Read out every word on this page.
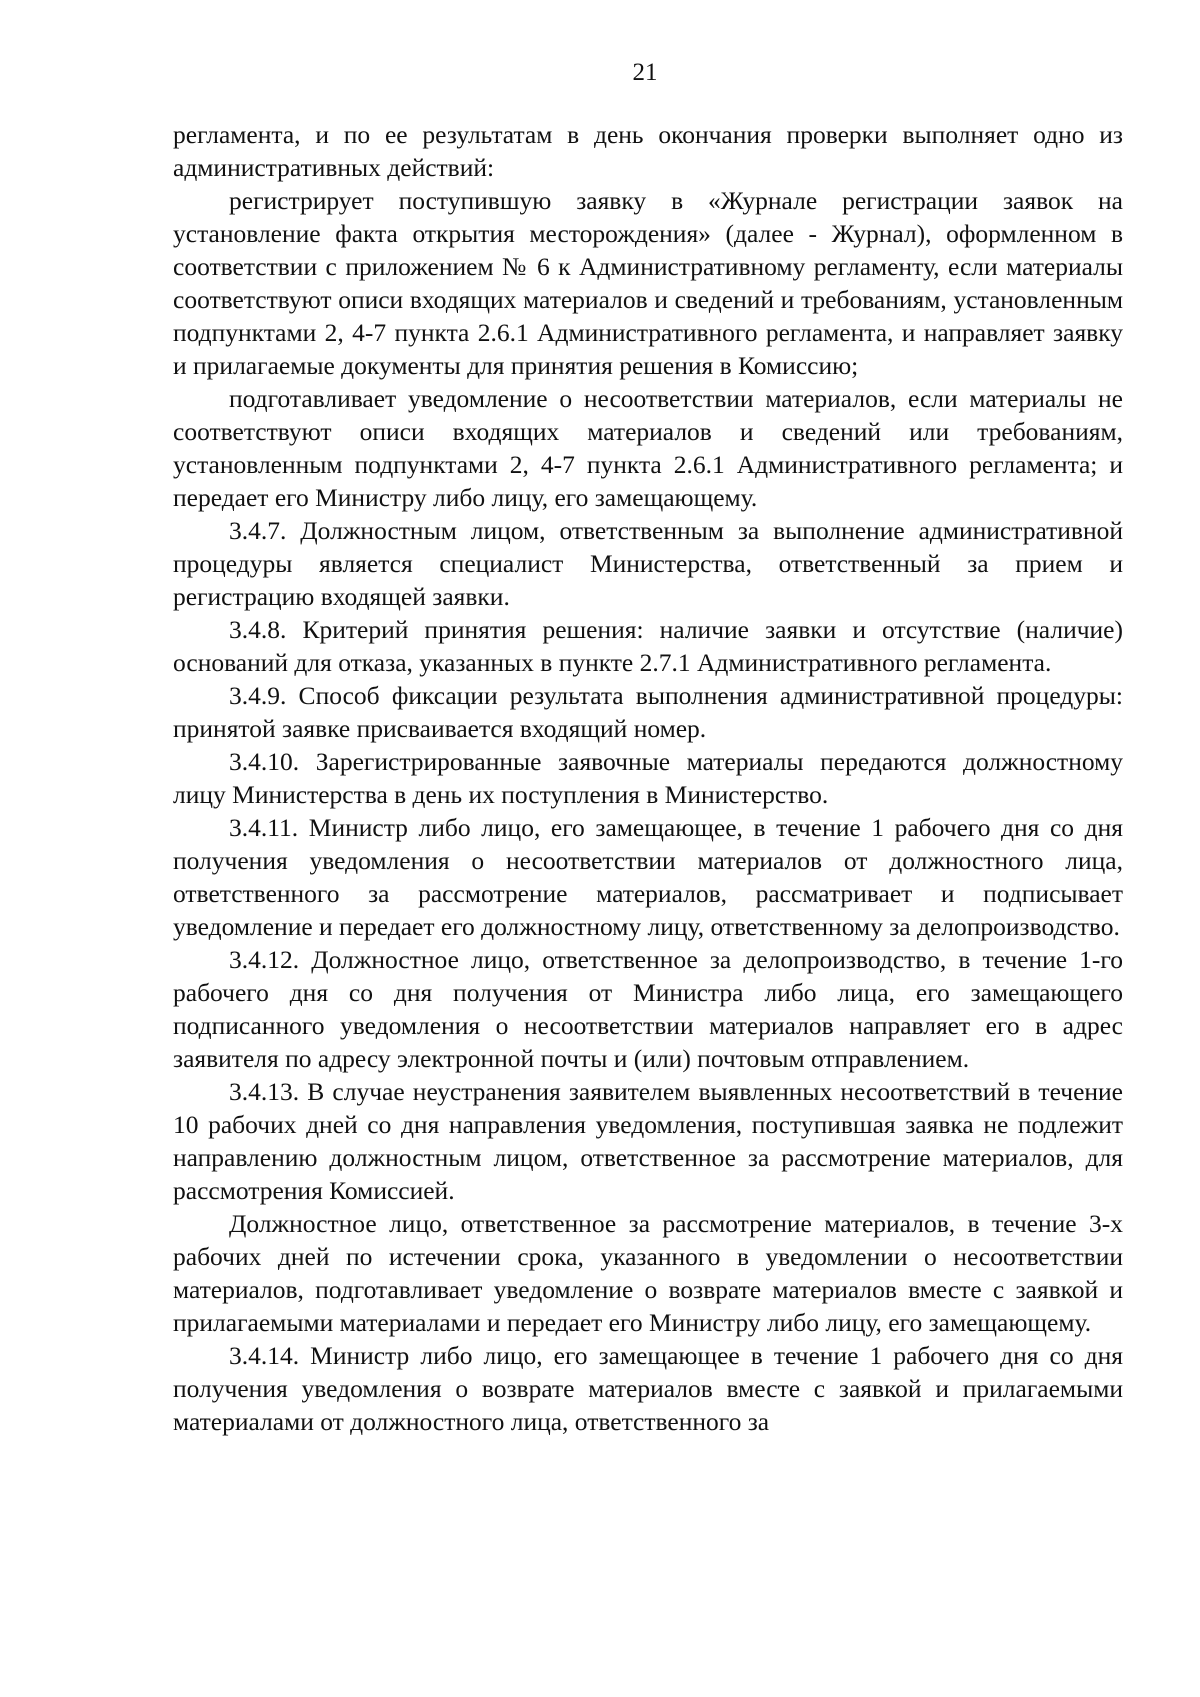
21

регламента, и по ее результатам в день окончания проверки выполняет одно из административных действий:

регистрирует поступившую заявку в «Журнале регистрации заявок на установление факта открытия месторождения» (далее - Журнал), оформленном в соответствии с приложением № 6 к Административному регламенту, если материалы соответствуют описи входящих материалов и сведений и требованиям, установленным подпунктами 2, 4-7 пункта 2.6.1 Административного регламента, и направляет заявку и прилагаемые документы для принятия решения в Комиссию;

подготавливает уведомление о несоответствии материалов, если материалы не соответствуют описи входящих материалов и сведений или требованиям, установленным подпунктами 2, 4-7 пункта 2.6.1 Административного регламента; и передает его Министру либо лицу, его замещающему.

3.4.7. Должностным лицом, ответственным за выполнение административной процедуры является специалист Министерства, ответственный за прием и регистрацию входящей заявки.

3.4.8. Критерий принятия решения: наличие заявки и отсутствие (наличие) оснований для отказа, указанных в пункте 2.7.1 Административного регламента.

3.4.9. Способ фиксации результата выполнения административной процедуры: принятой заявке присваивается входящий номер.

3.4.10. Зарегистрированные заявочные материалы передаются должностному лицу Министерства в день их поступления в Министерство.

3.4.11. Министр либо лицо, его замещающее, в течение 1 рабочего дня со дня получения уведомления о несоответствии материалов от должностного лица, ответственного за рассмотрение материалов, рассматривает и подписывает уведомление и передает его должностному лицу, ответственному за делопроизводство.

3.4.12. Должностное лицо, ответственное за делопроизводство, в течение 1-го рабочего дня со дня получения от Министра либо лица, его замещающего подписанного уведомления о несоответствии материалов направляет его в адрес заявителя по адресу электронной почты и (или) почтовым отправлением.

3.4.13. В случае неустранения заявителем выявленных несоответствий в течение 10 рабочих дней со дня направления уведомления, поступившая заявка не подлежит направлению должностным лицом, ответственное за рассмотрение материалов, для рассмотрения Комиссией.

Должностное лицо, ответственное за рассмотрение материалов, в течение 3-х рабочих дней по истечении срока, указанного в уведомлении о несоответствии материалов, подготавливает уведомление о возврате материалов вместе с заявкой и прилагаемыми материалами и передает его Министру либо лицу, его замещающему.

3.4.14. Министр либо лицо, его замещающее в течение 1 рабочего дня со дня получения уведомления о возврате материалов вместе с заявкой и прилагаемыми материалами от должностного лица, ответственного за
